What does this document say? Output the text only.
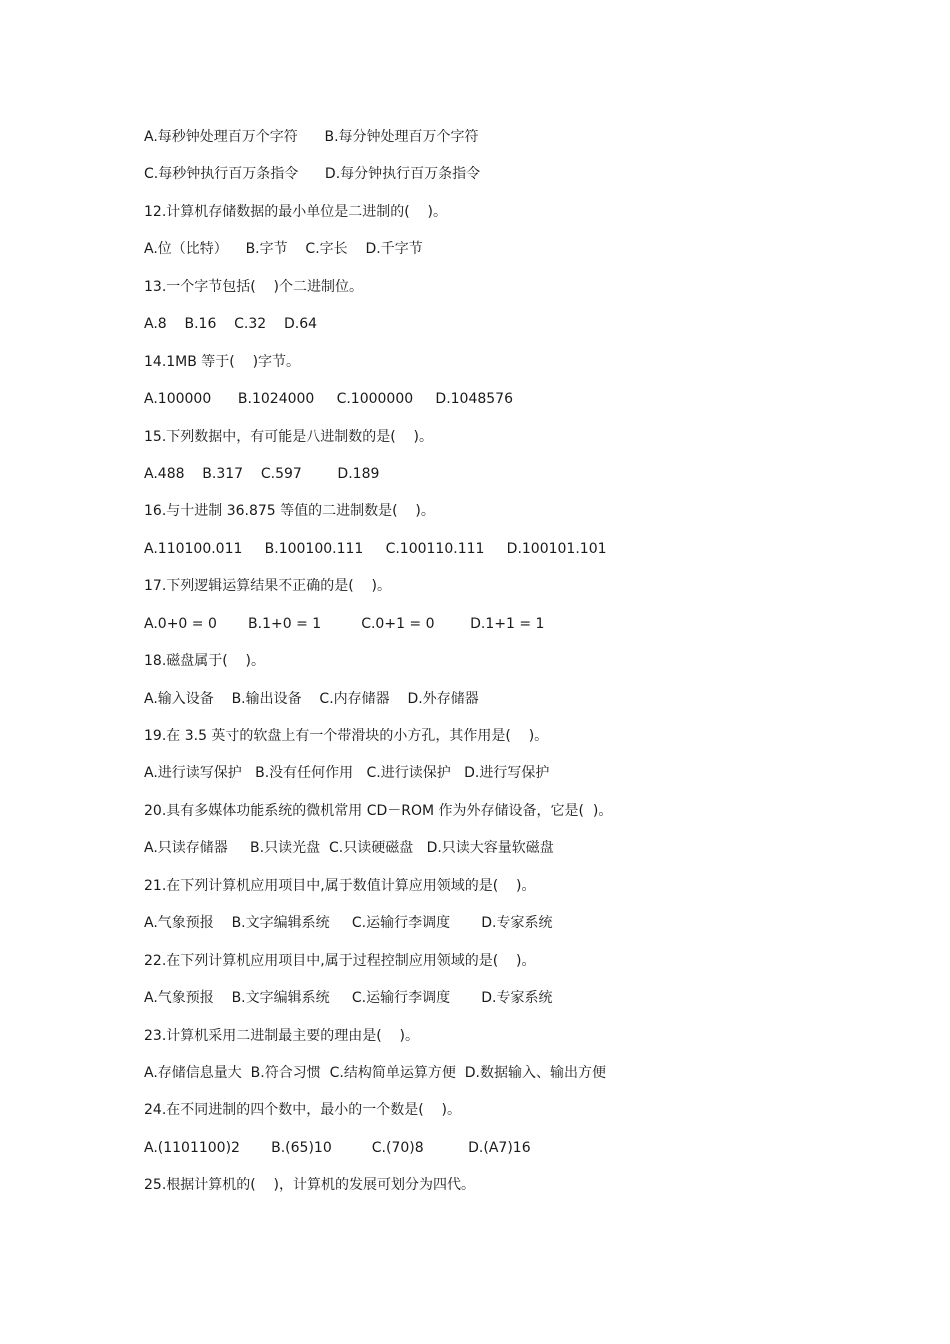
A.每秒钟处理百万个字符      B.每分钟处理百万个字符
C.每秒钟执行百万条指令      D.每分钟执行百万条指令
12.计算机存储数据的最小单位是二进制的(    )。
A.位（比特）    B.字节    C.字长    D.千字节
13.一个字节包括(    )个二进制位。
A.8    B.16    C.32    D.64
14.1MB 等于(    )字节。
A.100000      B.1024000     C.1000000     D.1048576
15.下列数据中，有可能是八进制数的是(    )。
A.488    B.317    C.597        D.189
16.与十进制 36.875 等值的二进制数是(    )。
A.110100.011     B.100100.111     C.100110.111     D.100101.101
17.下列逻辑运算结果不正确的是(    )。
A.0+0 = 0       B.1+0 = 1         C.0+1 = 0        D.1+1 = 1
18.磁盘属于(    )。
A.输入设备    B.输出设备    C.内存储器    D.外存储器
19.在 3.5 英寸的软盘上有一个带滑块的小方孔，其作用是(    )。
A.进行读写保护   B.没有任何作用   C.进行读保护   D.进行写保护
20.具有多媒体功能系统的微机常用 CD－ROM 作为外存储设备，它是(  )。
A.只读存储器     B.只读光盘  C.只读硬磁盘   D.只读大容量软磁盘
21.在下列计算机应用项目中,属于数值计算应用领域的是(    )。
A.气象预报    B.文字编辑系统     C.运输行李调度       D.专家系统
22.在下列计算机应用项目中,属于过程控制应用领域的是(    )。
A.气象预报    B.文字编辑系统     C.运输行李调度       D.专家系统
23.计算机采用二进制最主要的理由是(    )。
A.存储信息量大  B.符合习惯  C.结构简单运算方便  D.数据输入、输出方便
24.在不同进制的四个数中，最小的一个数是(    )。
A.(1101100)2       B.(65)10         C.(70)8          D.(A7)16
25.根据计算机的(    )，计算机的发展可划分为四代。
